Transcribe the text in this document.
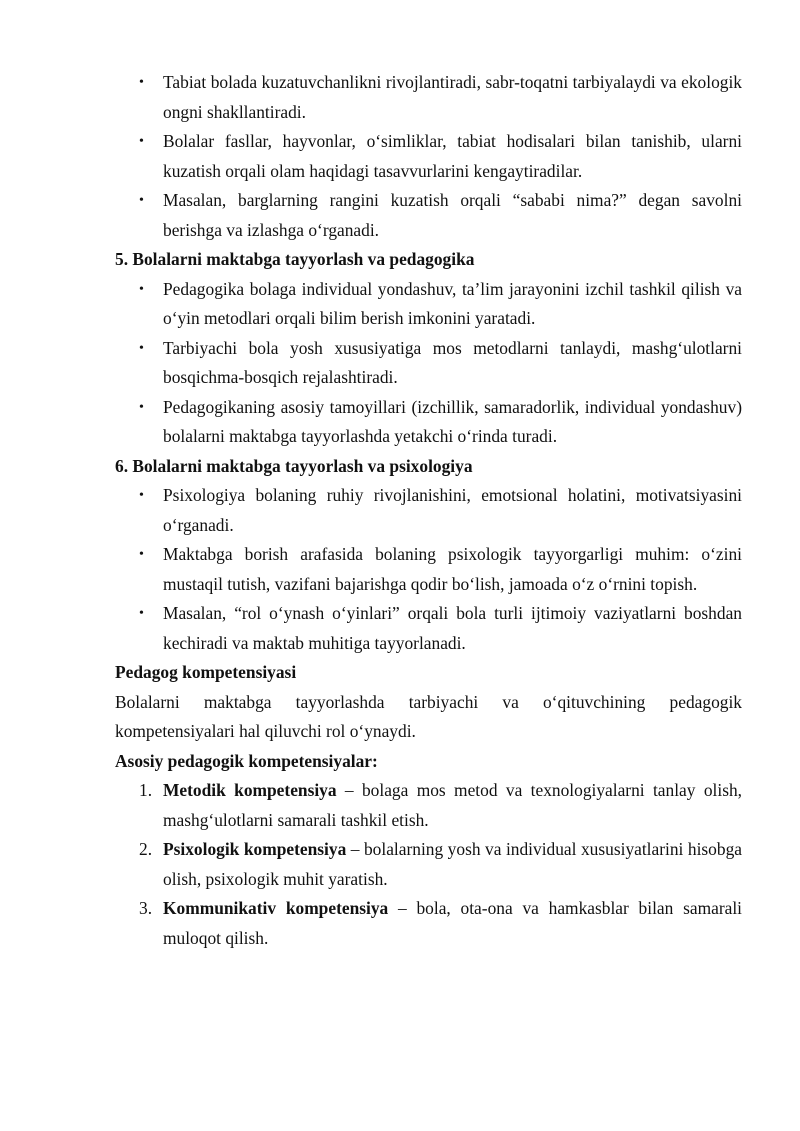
• Tabiat bolada kuzatuvchanlikni rivojlantiradi, sabr-toqatni tarbiyalaydi va ekologik ongni shakllantiradi.
• Bolalar fasllar, hayvonlar, o‘simliklar, tabiat hodisalari bilan tanishib, ularni kuzatish orqali olam haqidagi tasavvurlarini kengaytiradilar.
• Masalan, barglarning rangini kuzatish orqali “sababi nima?” degan savolni berishga va izlashga o‘rganadi.
5. Bolalarni maktabga tayyorlash va pedagogika
• Pedagogika bolaga individual yondashuv, ta’lim jarayonini izchil tashkil qilish va o‘yin metodlari orqali bilim berish imkonini yaratadi.
• Tarbiyachi bola yosh xususiyatiga mos metodlarni tanlaydi, mashg‘ulotlarni bosqichma-bosqich rejalashtiradi.
• Pedagogikaning asosiy tamoyillari (izchillik, samaradorlik, individual yondashuv) bolalarni maktabga tayyorlashda yetakchi o‘rinda turadi.
6. Bolalarni maktabga tayyorlash va psixologiya
• Psixologiya bolaning ruhiy rivojlanishini, emotsional holatini, motivatsiyasini o‘rganadi.
• Maktabga borish arafasida bolaning psixologik tayyorgarligi muhim: o‘zini mustaqil tutish, vazifani bajarishga qodir bo‘lish, jamoada o‘z o‘rnini topish.
• Masalan, “rol o‘ynash o‘yinlari” orqali bola turli ijtimoiy vaziyatlarni boshdan kechiradi va maktab muhitiga tayyorlanadi.
Pedagog kompetensiyasi

Bolalarni maktabga tayyorlashda tarbiyachi va o‘qituvchining pedagogik kompetensiyalari hal qiluvchi rol o‘ynaydi.

Asosiy pedagogik kompetensiyalar:
1. Metodik kompetensiya – bolaga mos metod va texnologiyalarni tanlay olish, mashg‘ulotlarni samarali tashkil etish.
2. Psixologik kompetensiya – bolalarning yosh va individual xususiyatlarini hisobga olish, psixologik muhit yaratish.
3. Kommunikativ kompetensiya – bola, ota-ona va hamkasblar bilan samarali muloqot qilish.
